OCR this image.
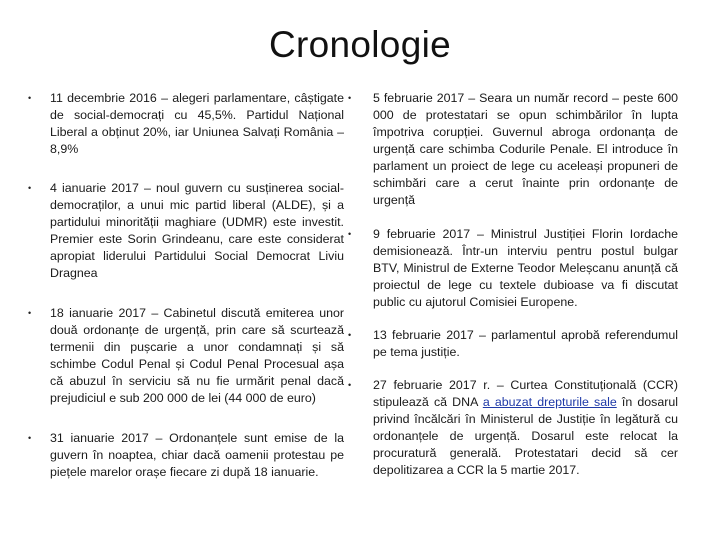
Cronologie
• 11 decembrie 2016 – alegeri parlamentare, câștigate de social-democrați cu 45,5%. Partidul Național Liberal a obținut 20%, iar Uniunea Salvați România – 8,9%
• 4 ianuarie 2017 – noul guvern cu susținerea social-democraților, a unui mic partid liberal (ALDE), și a partidului minorității maghiare (UDMR) este investit. Premier este Sorin Grindeanu, care este considerat apropiat liderului Partidului Social Democrat Liviu Dragnea
• 18 ianuarie 2017 – Cabinetul discută emiterea unor două ordonanțe de urgență, prin care să scurtează termenii din pușcarie a unor condamnați și să schimbe Codul Penal și Codul Penal Procesual așa că abuzul în serviciu să nu fie urmărit penal dacă prejudiciul e sub 200 000 de lei (44 000 de euro)
• 31 ianuarie 2017 – Ordonanțele sunt emise de la guvern în noaptea, chiar dacă oamenii protestau pe piețele marelor orașe fiecare zi după 18 ianuarie.
• 5 februarie 2017 – Seara un număr record – peste 600 000 de protestatari se opun schimbărilor în lupta împotriva corupției. Guvernul abroga ordonanța de urgență care schimba Codurile Penale. El introduce în parlament un proiect de lege cu aceleași propuneri de schimbări care a cerut înainte prin ordonanțe de urgență
• 9 februarie 2017 – Ministrul Justiției Florin Iordache demisionează. Într-un interviu pentru postul bulgar BTV, Ministrul de Externe Teodor Meleșcanu anunță că proiectul de lege cu textele dubioase va fi discutat public cu ajutorul Comisiei Europene.
• 13 februarie 2017 – parlamentul aprobă referendumul pe tema justiție.
• 27 februarie 2017 r. – Curtea Constituțională (CCR) stipulează că DNA a abuzat drepturile sale în dosarul privind încălcări în Ministerul de Justiție în legătură cu ordonanțele de urgență. Dosarul este relocat la procuratură generală. Protestatari decid să cer depolitizarea a CCR la 5 martie 2017.
